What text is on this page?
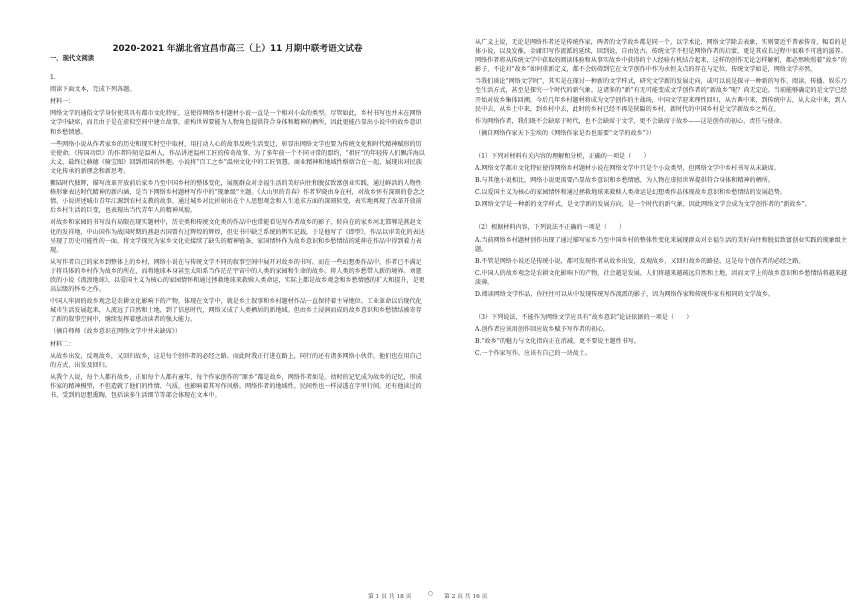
2020-2021 年湖北省宜昌市高三（上）11 月期中联考语文试卷
一、现代文阅读

1.

阅读下面文本，完成下列各题。

材料一：

网络文学的通俗文学身份使其具有都市文化特征，这使得网络乡村题材小说一直是一个相对小众的类型。尽管如此，乡村书写也并未在网络文学中缺席，而且由于是在虚拟空间中建立故事，虚构世界要能为人物角色提供符合身体和精神的栖所，因此更能凸显出小说中的故乡意识和乡愁情感。

一些网络小说从作者家乡的历史和现实时空中取材，用打动人心的故事反映生活变迁，彰显出网络文学也要为传统文化和时代精神赋形的历史使命。《传国功臣》的作者阡陌是温州人，作品讲述温州工匠的传奇故事，为了多年前一个不同寻常的盟约，“祖匠”的年轻传人们飘洋海以大义，最终让赫德《骑宝图》回到祖国的怀抱。小说将“百工之乡”温州文化中的工匠智慧、商业精神和地域性格熔合在一起，展现出对民族文化传承的新理念和新思考。

紫陆时代独辉，描写改革开放前后家乡乃至中国乡村的整体变化，展现群众对幸福生活的美好向往和脱贫致富创业实践，通过鲜活的人物性格形象表达时代精神的新内涵，是当下网络乡村题材写作中的“现象级”主题。《大山里的青春》作者罗晓由身在村，对故乡怀有深刻的眷念之情，小说讲述城市青年江源到农村支教的故事，通过城乡对比折射出在个人思想观念和人生追求方面的深刻转变，表实地再现了改革开放前后乡村生活的巨变，也表现出当代青年人的精神风貌。

对故乡和家园的书写没有局限在现实题材中，历史类和传统文化类的作品中也常能看见写作者故乡的影子，转向在的家乡河北邯郸是燕赵文化的发祥地，中山国作为战国时期的燕赵古国曾有过辉煌的辉煌，但史书中缺乏系统的辨实记载，于是他写了《即型》，作品以审美化的表达呈现了历史可能性的一面，将文学探究为家乡文化史接续了缺失的精神链条，家国情怀作为故乡意识和乡愁情结的延伸在作品中得到着力表现。

从写作者自己的家乡到整体上的乡村，网络小说在与传统文学不同的叙事空间中展开对故乡的书写。而在一些幻想类作品中，作者已不满足于将具体的乡村作为故乡的所在，而将地球本身甚至太阳系当作茫茫宇宙中的人类的家园和生命的故乡。将人类的乡愁带入新的境界。刘慈欣的小说《流浪地球》，以爱国主义为核心的家园情怀和通过拯救地球来救赎人类命运，实际上都是故乡观念和乡愁情感的扩大和提升，是更高层级的怀乡之作。

中国人牢固的故乡观念是农耕文化影响下的产物，体现在文学中，就是乡土叙事和乡村题材作品一直保持着主导地位。工业革命以后现代化城市生活发展起来，人流远了自然和土地，到了信息时代，网络又成了人类栖居的新地域。但由乡土浸润而成的故乡意识和乡愁情结被寄存了新的叙事空间中，继续发挥着感动读者的强大能力。

（摘自师师《故乡意识在网络文学中井未缺席》）

材料二：

从故乡出发，反观故乡，又回归故乡，这是每个创作者的必经之路。而此时我正行进在路上，同行的还有诸多网络小伙伴，他们也在用自己的方式，出发及回归。

从我个人说，每个人都有故乡，正如每个人都有童年，每个作家创作的“原乡”都是故乡，网络作者如是。幼时的记忆成为故乡的记忆，形成作家的精神模型，不但造就了他们的性情、气质，也影响着其写作风格。网络作者的地域性、民间性也一样浸透在字里行间，还有他读过的书、受到的思想熏陶，包括读多生活细节等部会体现在文本中。

从广义上说，无论是网络作者还是传统作家，两者的文学故乡都是同一个，以学术论，网络文学除去表象，实则要近乎普索传奇，幅看的是体小说，以及发推，金庸旧写作流派的延续，回到说，自由处古，传统文学不但是网络作者的启蒙，更是其成长过程中很难不可逃的滋养。网络作者将从传统文学中获取的阅读体验和从事实故乡中获得的个人经验有机结合起来，这样的创作无论怎样解析，都必然映照着“故乡”的影子，不论对“故乡”如何重新定义，都不会妨碍到它在文学创作中作为永恒支点的存在与定位，传统文学如是，网络文学亦然。

当我们谈论“网络文学时”，其实是在探讨一种新的文学样式，研究文学新的发展走向，或可以说是探寻一种新的写作、阅读、传播、娱乐乃至生活方式，甚至是探究一个时代的新气象。这诸多的“新”有无可能变成文学创作者的“新故乡”呢？尚无定论。当前能够确定的是文学已经开始对故乡集体回溯，今后几年乡村题材将成为文学创作的主战场，中国文学迎来理性回归，从古典中来，到传统中去，从大众中来，到人民中去，从乡土中来，到乡村中去，此时的乡村已经不再是狭隘的乡村，新时代的中国乡村是文学新故乡之所在。

作为网络作者，我们既不会缺席于时代，也不会缺席于文学，更不会缺席于故乡——这是创作的初心，责任与使命。

（摘自网络作家天下尘埃的《网络作家是否也需要“文学的故乡”》）

（1）下列对材料有关内容的理解和分析，正确的一项是（　　）

A.网络文学都市文化特征使得网络乡村题材小说在网络文学中只是个小众类型，但网络文学中乡村书写从未缺席。

B.与其他小说相比，网络小说更需要凸显故乡意识和乡愁情感，为人物在虚拟世界提供符合身体和精神的栖所。

C.以爱国主义为核心的家园情怀和通过拯救地球来救赎人类命运是幻想类作品体现故乡意识和乡愁情结的发展趋势。

D.网络文学是一种新的文学样式，是文学新的发展方向，是一个时代的新气象，因此网络文学会成为文学创作者的“新故乡”。

（2）根据材料内容，下列说法不正确的一项是（　　）

A.当前网络乡村题材创作出现了通过描写家乡乃至中国乡村的整体性变化来展现群众对幸福生活的美好向往和脱贫致富创业实践的现象级主题。

B.不管是网络小说还是传统小说，都可发现作者从故乡出发，反观故乡，又回归故乡的路径，这是每个创作者的必经之路。

C.中国人的故乡观念是农耕文化影响下的产物，社会越是发展，人们将越来越疏远自然和土地，因而文学上的故乡意识和乡愁情结将越来越淡薄。

D.阅读网络文学作品，你往往可以从中发现传统写作流派的影子，因为网络作家和传统作家有相同的文学故乡。

（3）下列说法，不能作为网络文学应具有“故乡意识”论证依据的一项是（　　）

A.创作者应该用创作回应故乡赋予写作者的初心。

B.“故乡”的魅力与文化指向正在消减，更不要说主题性书写。

C.一个作家写作，应该有自己的一块故土。

第 1 页 共 18 页	○ 第 2 页 共 16 页
